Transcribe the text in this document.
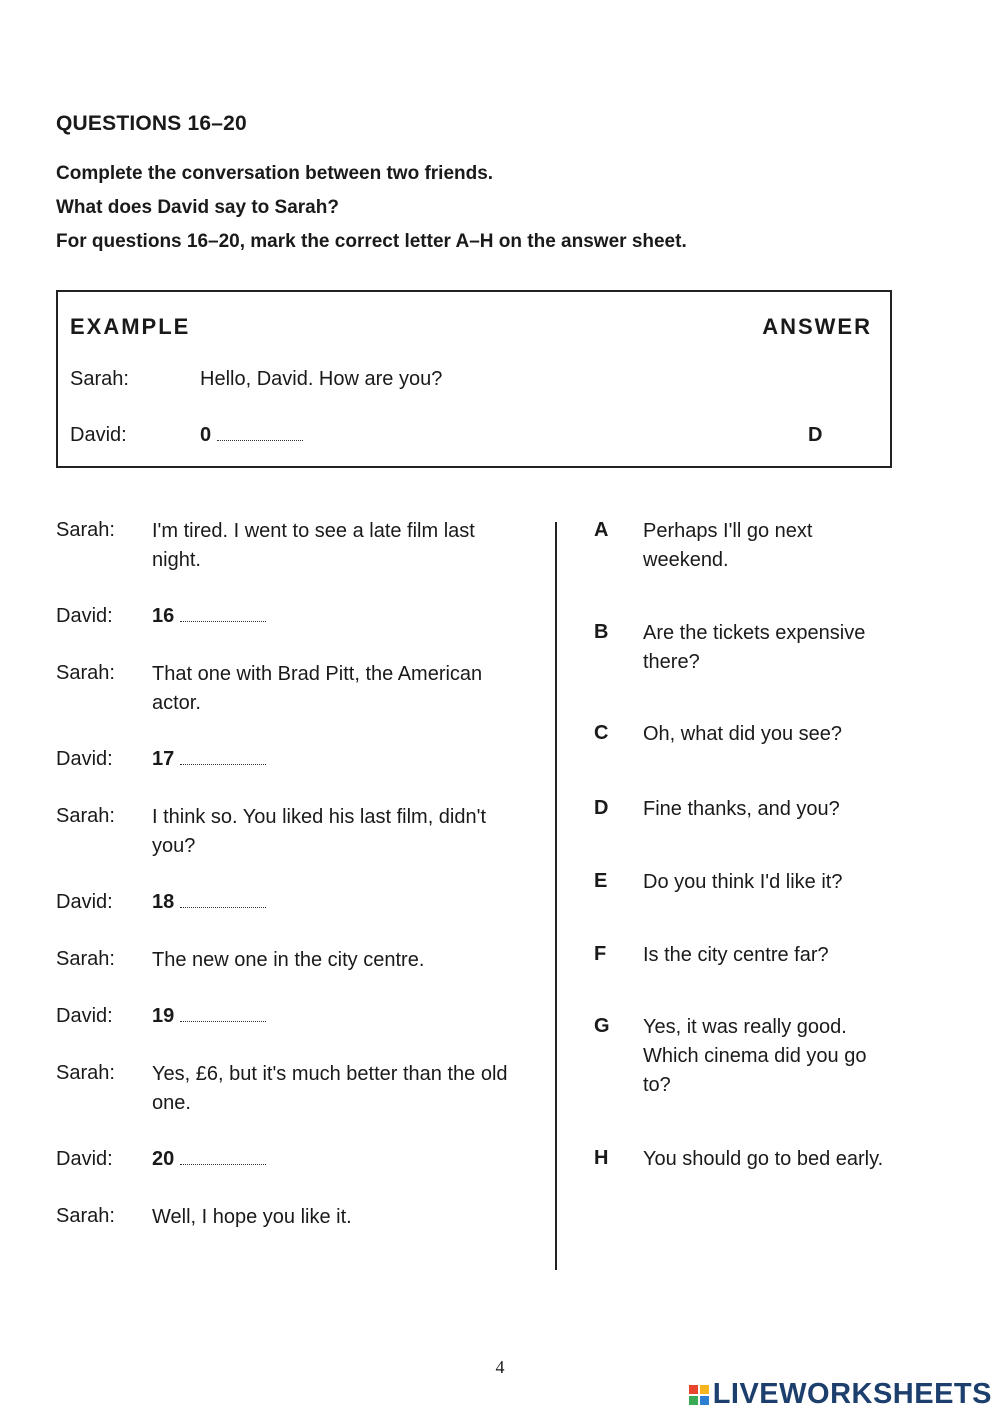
QUESTIONS 16–20
Complete the conversation between two friends.
What does David say to Sarah?
For questions 16–20, mark the correct letter A–H on the answer sheet.
EXAMPLE	ANSWER
Sarah:	Hello, David. How are you?
David:	0	D
Sarah: I'm tired. I went to see a late film last night.
David: 16
Sarah: That one with Brad Pitt, the American actor.
David: 17
Sarah: I think so. You liked his last film, didn't you?
David: 18
Sarah: The new one in the city centre.
David: 19
Sarah: Yes, £6, but it's much better than the old one.
David: 20
Sarah: Well, I hope you like it.
A Perhaps I'll go next weekend.
B Are the tickets expensive there?
C Oh, what did you see?
D Fine thanks, and you?
E Do you think I'd like it?
F Is the city centre far?
G Yes, it was really good. Which cinema did you go to?
H You should go to bed early.
4
LIVEWORKSHEETS
